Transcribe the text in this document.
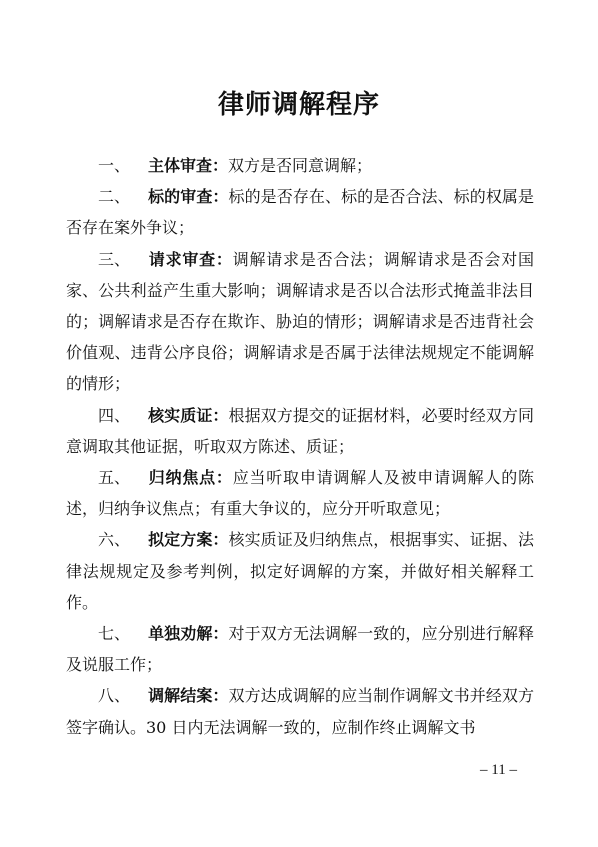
律师调解程序

一、 主体审查：双方是否同意调解；

二、 标的审查：标的是否存在、标的是否合法、标的权属是否存在案外争议；

三、 请求审查：调解请求是否合法；调解请求是否会对国家、公共利益产生重大影响；调解请求是否以合法形式掩盖非法目的；调解请求是否存在欺诈、胁迫的情形；调解请求是否违背社会价值观、违背公序良俗；调解请求是否属于法律法规规定不能调解的情形；

四、 核实质证：根据双方提交的证据材料，必要时经双方同意调取其他证据，听取双方陈述、质证；

五、 归纳焦点：应当听取申请调解人及被申请调解人的陈述，归纳争议焦点；有重大争议的，应分开听取意见；

六、 拟定方案：核实质证及归纳焦点，根据事实、证据、法律法规规定及参考判例，拟定好调解的方案，并做好相关解释工作。

七、 单独劝解：对于双方无法调解一致的，应分别进行解释及说服工作；

八、 调解结案：双方达成调解的应当制作调解文书并经双方签字确认。30 日内无法调解一致的，应制作终止调解文书

– 11 –
